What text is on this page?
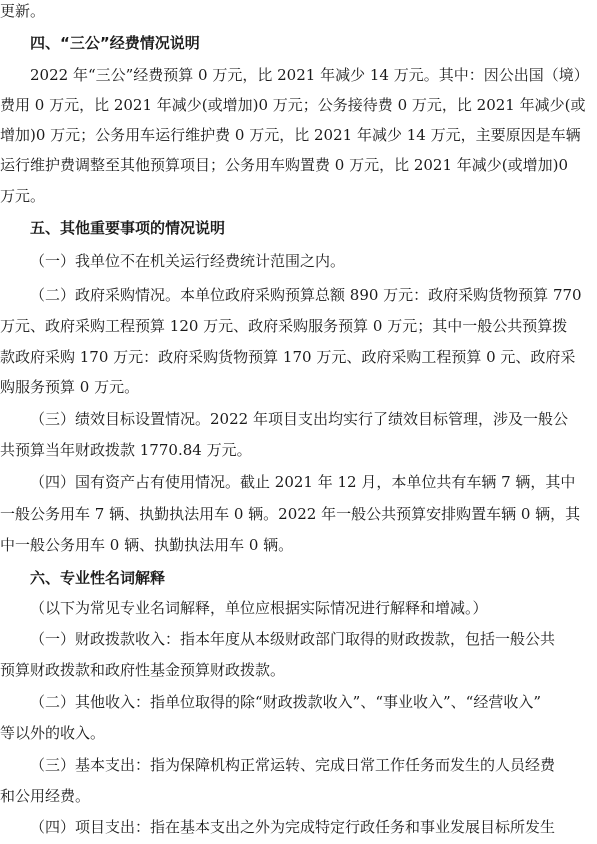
更新。
四、“三公”经费情况说明
2022 年“三公”经费预算 0 万元，比 2021 年减少 14 万元。其中：因公出国（境）
费用 0 万元，比 2021 年减少(或增加)0 万元；公务接待费 0 万元，比 2021 年减少(或
增加)0 万元；公务用车运行维护费 0 万元，比 2021 年减少 14 万元，主要原因是车辆
运行维护费调整至其他预算项目；公务用车购置费 0 万元，比 2021 年减少(或增加)0
万元。
五、其他重要事项的情况说明
（一）我单位不在机关运行经费统计范围之内。
（二）政府采购情况。本单位政府采购预算总额 890 万元：政府采购货物预算 770
万元、政府采购工程预算 120 万元、政府采购服务预算 0 万元；其中一般公共预算拨
款政府采购 170 万元：政府采购货物预算 170 万元、政府采购工程预算 0 元、政府采
购服务预算 0 万元。
（三）绩效目标设置情况。2022 年项目支出均实行了绩效目标管理，涉及一般公
共预算当年财政拨款 1770.84 万元。
（四）国有资产占有使用情况。截止 2021 年 12 月，本单位共有车辆 7 辆，其中
一般公务用车 7 辆、执勤执法用车 0 辆。2022 年一般公共预算安排购置车辆 0 辆，其
中一般公务用车 0 辆、执勤执法用车 0 辆。
六、专业性名词解释
（以下为常见专业名词解释，单位应根据实际情况进行解释和增减。）
（一）财政拨款收入：指本年度从本级财政部门取得的财政拨款，包括一般公共
预算财政拨款和政府性基金预算财政拨款。
（二）其他收入：指单位取得的除“财政拨款收入”、“事业收入”、“经营收入”
等以外的收入。
（三）基本支出：指为保障机构正常运转、完成日常工作任务而发生的人员经费
和公用经费。
（四）项目支出：指在基本支出之外为完成特定行政任务和事业发展目标所发生
